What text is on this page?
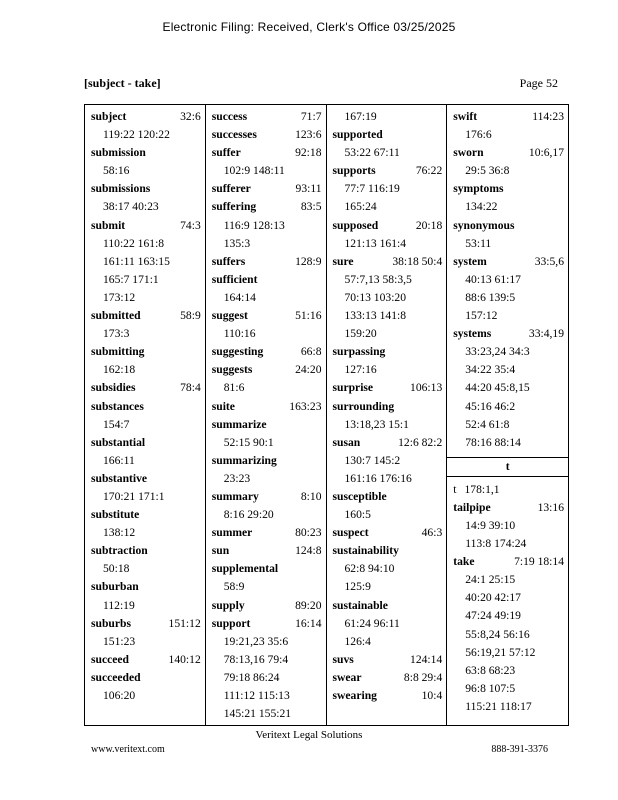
Electronic Filing: Received, Clerk's Office 03/25/2025
[subject - take]	Page 52
subject	32:6
119:22 120:22
submission
58:16
submissions
38:17 40:23
submit	74:3
110:22 161:8
161:11 163:15
165:7 171:1
173:12
submitted	58:9
173:3
submitting
162:18
subsidies	78:4
substances
154:7
substantial
166:11
substantive
170:21 171:1
substitute
138:12
subtraction
50:18
suburban
112:19
suburbs	151:12
151:23
succeed	140:12
succeeded
106:20
success	71:7
successes	123:6
suffer	92:18
102:9 148:11
sufferer	93:11
suffering	83:5
116:9 128:13
135:3
suffers	128:9
sufficient
164:14
suggest	51:16
110:16
suggesting	66:8
suggests	24:20
81:6
suite	163:23
summarize
52:15 90:1
summarizing
23:23
summary	8:10
8:16 29:20
summer	80:23
sun	124:8
supplemental
58:9
supply	89:20
support	16:14
19:21,23 35:6
78:13,16 79:4
79:18 86:24
111:12 115:13
145:21 155:21
167:19
supported
53:22 67:11
supports	76:22
77:7 116:19
165:24
supposed	20:18
121:13 161:4
sure	38:18 50:4
57:7,13 58:3,5
70:13 103:20
133:13 141:8
159:20
surpassing
127:16
surprise	106:13
surrounding
13:18,23 15:1
susan	12:6 82:2
130:7 145:2
161:16 176:16
susceptible
160:5
suspect	46:3
sustainability
62:8 94:10
125:9
sustainable
61:24 96:11
126:4
suvs	124:14
swear	8:8 29:4
swearing	10:4
swift	114:23
176:6
sworn	10:6,17
29:5 36:8
symptoms
134:22
synonymous
53:11
system	33:5,6
40:13 61:17
88:6 139:5
157:12
systems	33:4,19
33:23,24 34:3
34:22 35:4
44:20 45:8,15
45:16 46:2
52:4 61:8
78:16 88:14
t
t 178:1,1
tailpipe	13:16
14:9 39:10
113:8 174:24
take	7:19 18:14
24:1 25:15
40:20 42:17
47:24 49:19
55:8,24 56:16
56:19,21 57:12
63:8 68:23
96:8 107:5
115:21 118:17
Veritext Legal Solutions
www.veritext.com	888-391-3376
